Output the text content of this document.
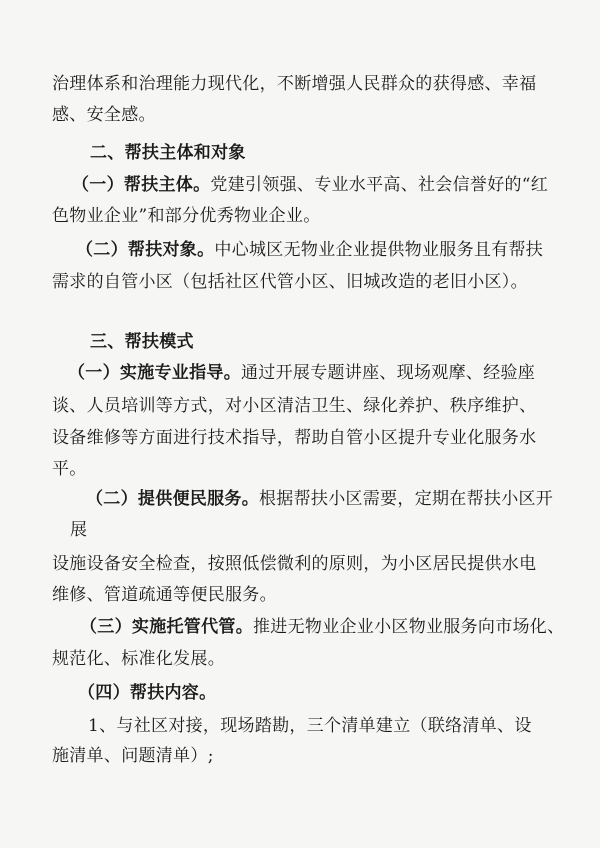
治理体系和治理能力现代化，不断增强人民群众的获得感、幸福
感、安全感。
二、帮扶主体和对象
（一）帮扶主体。党建引领强、专业水平高、社会信誉好的“红
色物业企业”和部分优秀物业企业。
（二）帮扶对象。中心城区无物业企业提供物业服务且有帮扶
需求的自管小区（包括社区代管小区、旧城改造的老旧小区）。
三、帮扶模式
（一）实施专业指导。通过开展专题讲座、现场观摩、经验座
谈、人员培训等方式，对小区清洁卫生、绿化养护、秩序维护、
设备维修等方面进行技术指导，帮助自管小区提升专业化服务水
平。
（二）提供便民服务。根据帮扶小区需要，定期在帮扶小区开
展
设施设备安全检查，按照低偿微利的原则，为小区居民提供水电
维修、管道疏通等便民服务。
（三）实施托管代管。推进无物业企业小区物业服务向市场化、
规范化、标准化发展。
（四）帮扶内容。
1、与社区对接，现场踏勘，三个清单建立（联络清单、设
施清单、问题清单）;
